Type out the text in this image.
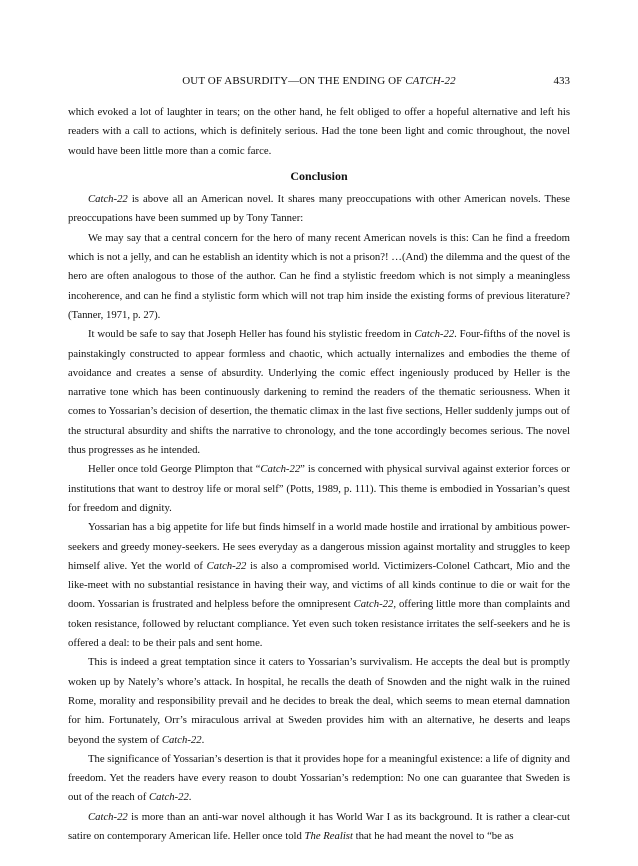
OUT OF ABSURDITY—ON THE ENDING OF CATCH-22	433

which evoked a lot of laughter in tears; on the other hand, he felt obliged to offer a hopeful alternative and left his readers with a call to actions, which is definitely serious. Had the tone been light and comic throughout, the novel would have been little more than a comic farce.

Conclusion

Catch-22 is above all an American novel. It shares many preoccupations with other American novels. These preoccupations have been summed up by Tony Tanner:

We may say that a central concern for the hero of many recent American novels is this: Can he find a freedom which is not a jelly, and can he establish an identity which is not a prison?! …(And) the dilemma and the quest of the hero are often analogous to those of the author. Can he find a stylistic freedom which is not simply a meaningless incoherence, and can he find a stylistic form which will not trap him inside the existing forms of previous literature? (Tanner, 1971, p. 27).

It would be safe to say that Joseph Heller has found his stylistic freedom in Catch-22. Four-fifths of the novel is painstakingly constructed to appear formless and chaotic, which actually internalizes and embodies the theme of avoidance and creates a sense of absurdity. Underlying the comic effect ingeniously produced by Heller is the narrative tone which has been continuously darkening to remind the readers of the thematic seriousness. When it comes to Yossarian’s decision of desertion, the thematic climax in the last five sections, Heller suddenly jumps out of the structural absurdity and shifts the narrative to chronology, and the tone accordingly becomes serious. The novel thus progresses as he intended.

Heller once told George Plimpton that “Catch-22” is concerned with physical survival against exterior forces or institutions that want to destroy life or moral self” (Potts, 1989, p. 111). This theme is embodied in Yossarian’s quest for freedom and dignity.

Yossarian has a big appetite for life but finds himself in a world made hostile and irrational by ambitious power-seekers and greedy money-seekers. He sees everyday as a dangerous mission against mortality and struggles to keep himself alive. Yet the world of Catch-22 is also a compromised world. Victimizers-Colonel Cathcart, Mio and the like-meet with no substantial resistance in having their way, and victims of all kinds continue to die or wait for the doom. Yossarian is frustrated and helpless before the omnipresent Catch-22, offering little more than complaints and token resistance, followed by reluctant compliance. Yet even such token resistance irritates the self-seekers and he is offered a deal: to be their pals and sent home.

This is indeed a great temptation since it caters to Yossarian’s survivalism. He accepts the deal but is promptly woken up by Nately’s whore’s attack. In hospital, he recalls the death of Snowden and the night walk in the ruined Rome, morality and responsibility prevail and he decides to break the deal, which seems to mean eternal damnation for him. Fortunately, Orr’s miraculous arrival at Sweden provides him with an alternative, he deserts and leaps beyond the system of Catch-22.

The significance of Yossarian’s desertion is that it provides hope for a meaningful existence: a life of dignity and freedom. Yet the readers have every reason to doubt Yossarian’s redemption: No one can guarantee that Sweden is out of the reach of Catch-22.

Catch-22 is more than an anti-war novel although it has World War I as its background. It is rather a clear-cut satire on contemporary American life. Heller once told The Realist that he had meant the novel to “be as
